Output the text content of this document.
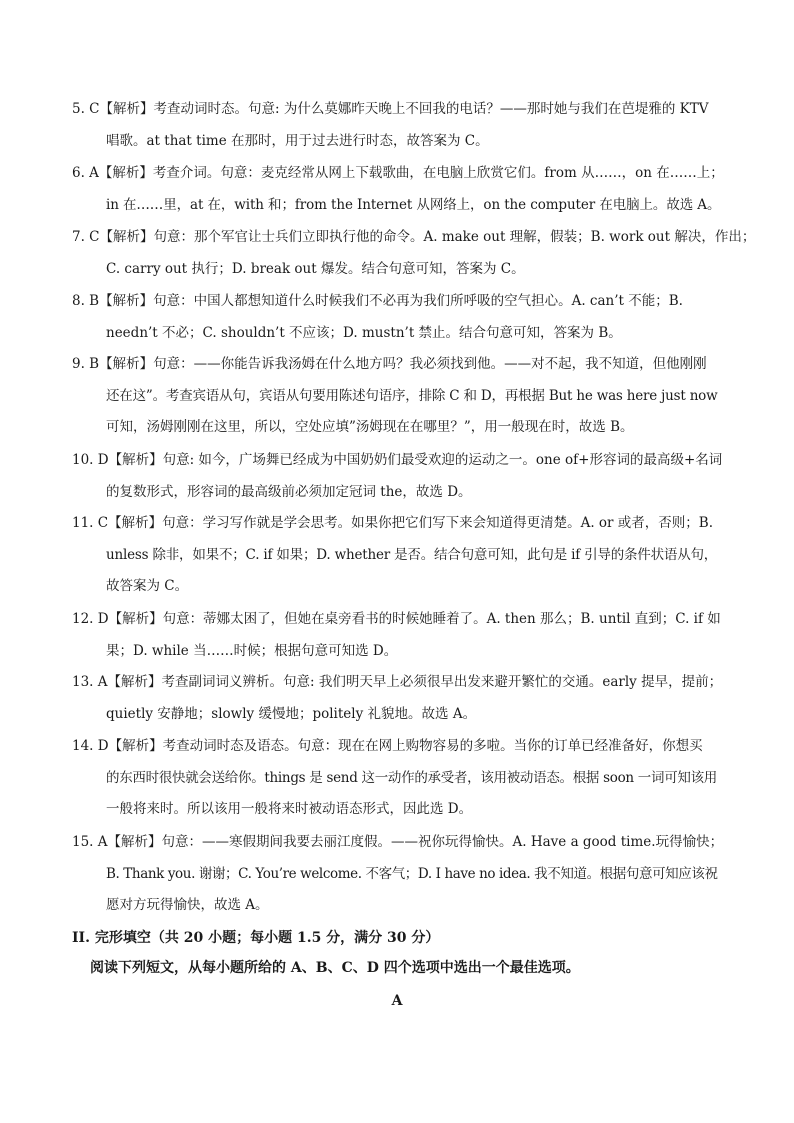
5. C【解析】考查动词时态。句意: 为什么莫娜昨天晚上不回我的电话？——那时她与我们在芭堤雅的 KTV
唱歌。at that time 在那时，用于过去进行时态，故答案为 C。
6. A【解析】考查介词。句意：麦克经常从网上下载歌曲，在电脑上欣赏它们。from 从……，on 在……上；
in 在……里，at 在，with 和；from the Internet 从网络上，on the computer 在电脑上。故选 A。
7. C【解析】句意：那个军官让士兵们立即执行他的命令。A. make out 理解，假装；B. work out 解决，作出；
C. carry out 执行；D. break out 爆发。结合句意可知，答案为 C。
8. B【解析】句意：中国人都想知道什么时候我们不必再为我们所呼吸的空气担心。A. can’t 不能；B.
needn’t 不必；C. shouldn’t 不应该；D. mustn’t 禁止。结合句意可知，答案为 B。
9. B【解析】句意：——你能告诉我汤姆在什么地方吗？我必须找到他。——对不起，我不知道，但他刚刚
还在这”。考查宾语从句，宾语从句要用陈述句语序，排除 C 和 D，再根据 But he was here just now
可知，汤姆刚刚在这里，所以，空处应填”汤姆现在在哪里？”，用一般现在时，故选 B。
10. D【解析】句意: 如今，广场舞已经成为中国奶奶们最受欢迎的运动之一。one of+形容词的最高级+名词
的复数形式，形容词的最高级前必须加定冠词 the，故选 D。
11. C【解析】句意：学习写作就是学会思考。如果你把它们写下来会知道得更清楚。A. or 或者，否则；B.
unless 除非，如果不；C. if 如果；D. whether 是否。结合句意可知，此句是 if 引导的条件状语从句，
故答案为 C。
12. D【解析】句意：蒂娜太困了，但她在桌旁看书的时候她睡着了。A. then 那么；B. until 直到；C. if 如
果；D. while 当……时候；根据句意可知选 D。
13. A【解析】考查副词词义辨析。句意: 我们明天早上必须很早出发来避开繁忙的交通。early 提早，提前；
quietly 安静地；slowly 缓慢地；politely 礼貌地。故选 A。
14. D【解析】考查动词时态及语态。句意：现在在网上购物容易的多啦。当你的订单已经准备好，你想买
的东西时很快就会送给你。things 是 send 这一动作的承受者，该用被动语态。根据 soon 一词可知该用
一般将来时。所以该用一般将来时被动语态形式，因此选 D。
15. A【解析】句意：——寒假期间我要去丽江度假。——祝你玩得愉快。A. Have a good time.玩得愉快；
B. Thank you. 谢谢；C. You’re welcome. 不客气；D. I have no idea. 我不知道。根据句意可知应该祝
愿对方玩得愉快，故选 A。
II. 完形填空（共 20 小题；每小题 1.5 分，满分 30 分）
阅读下列短文，从每小题所给的 A、B、C、D 四个选项中选出一个最佳选项。
A
